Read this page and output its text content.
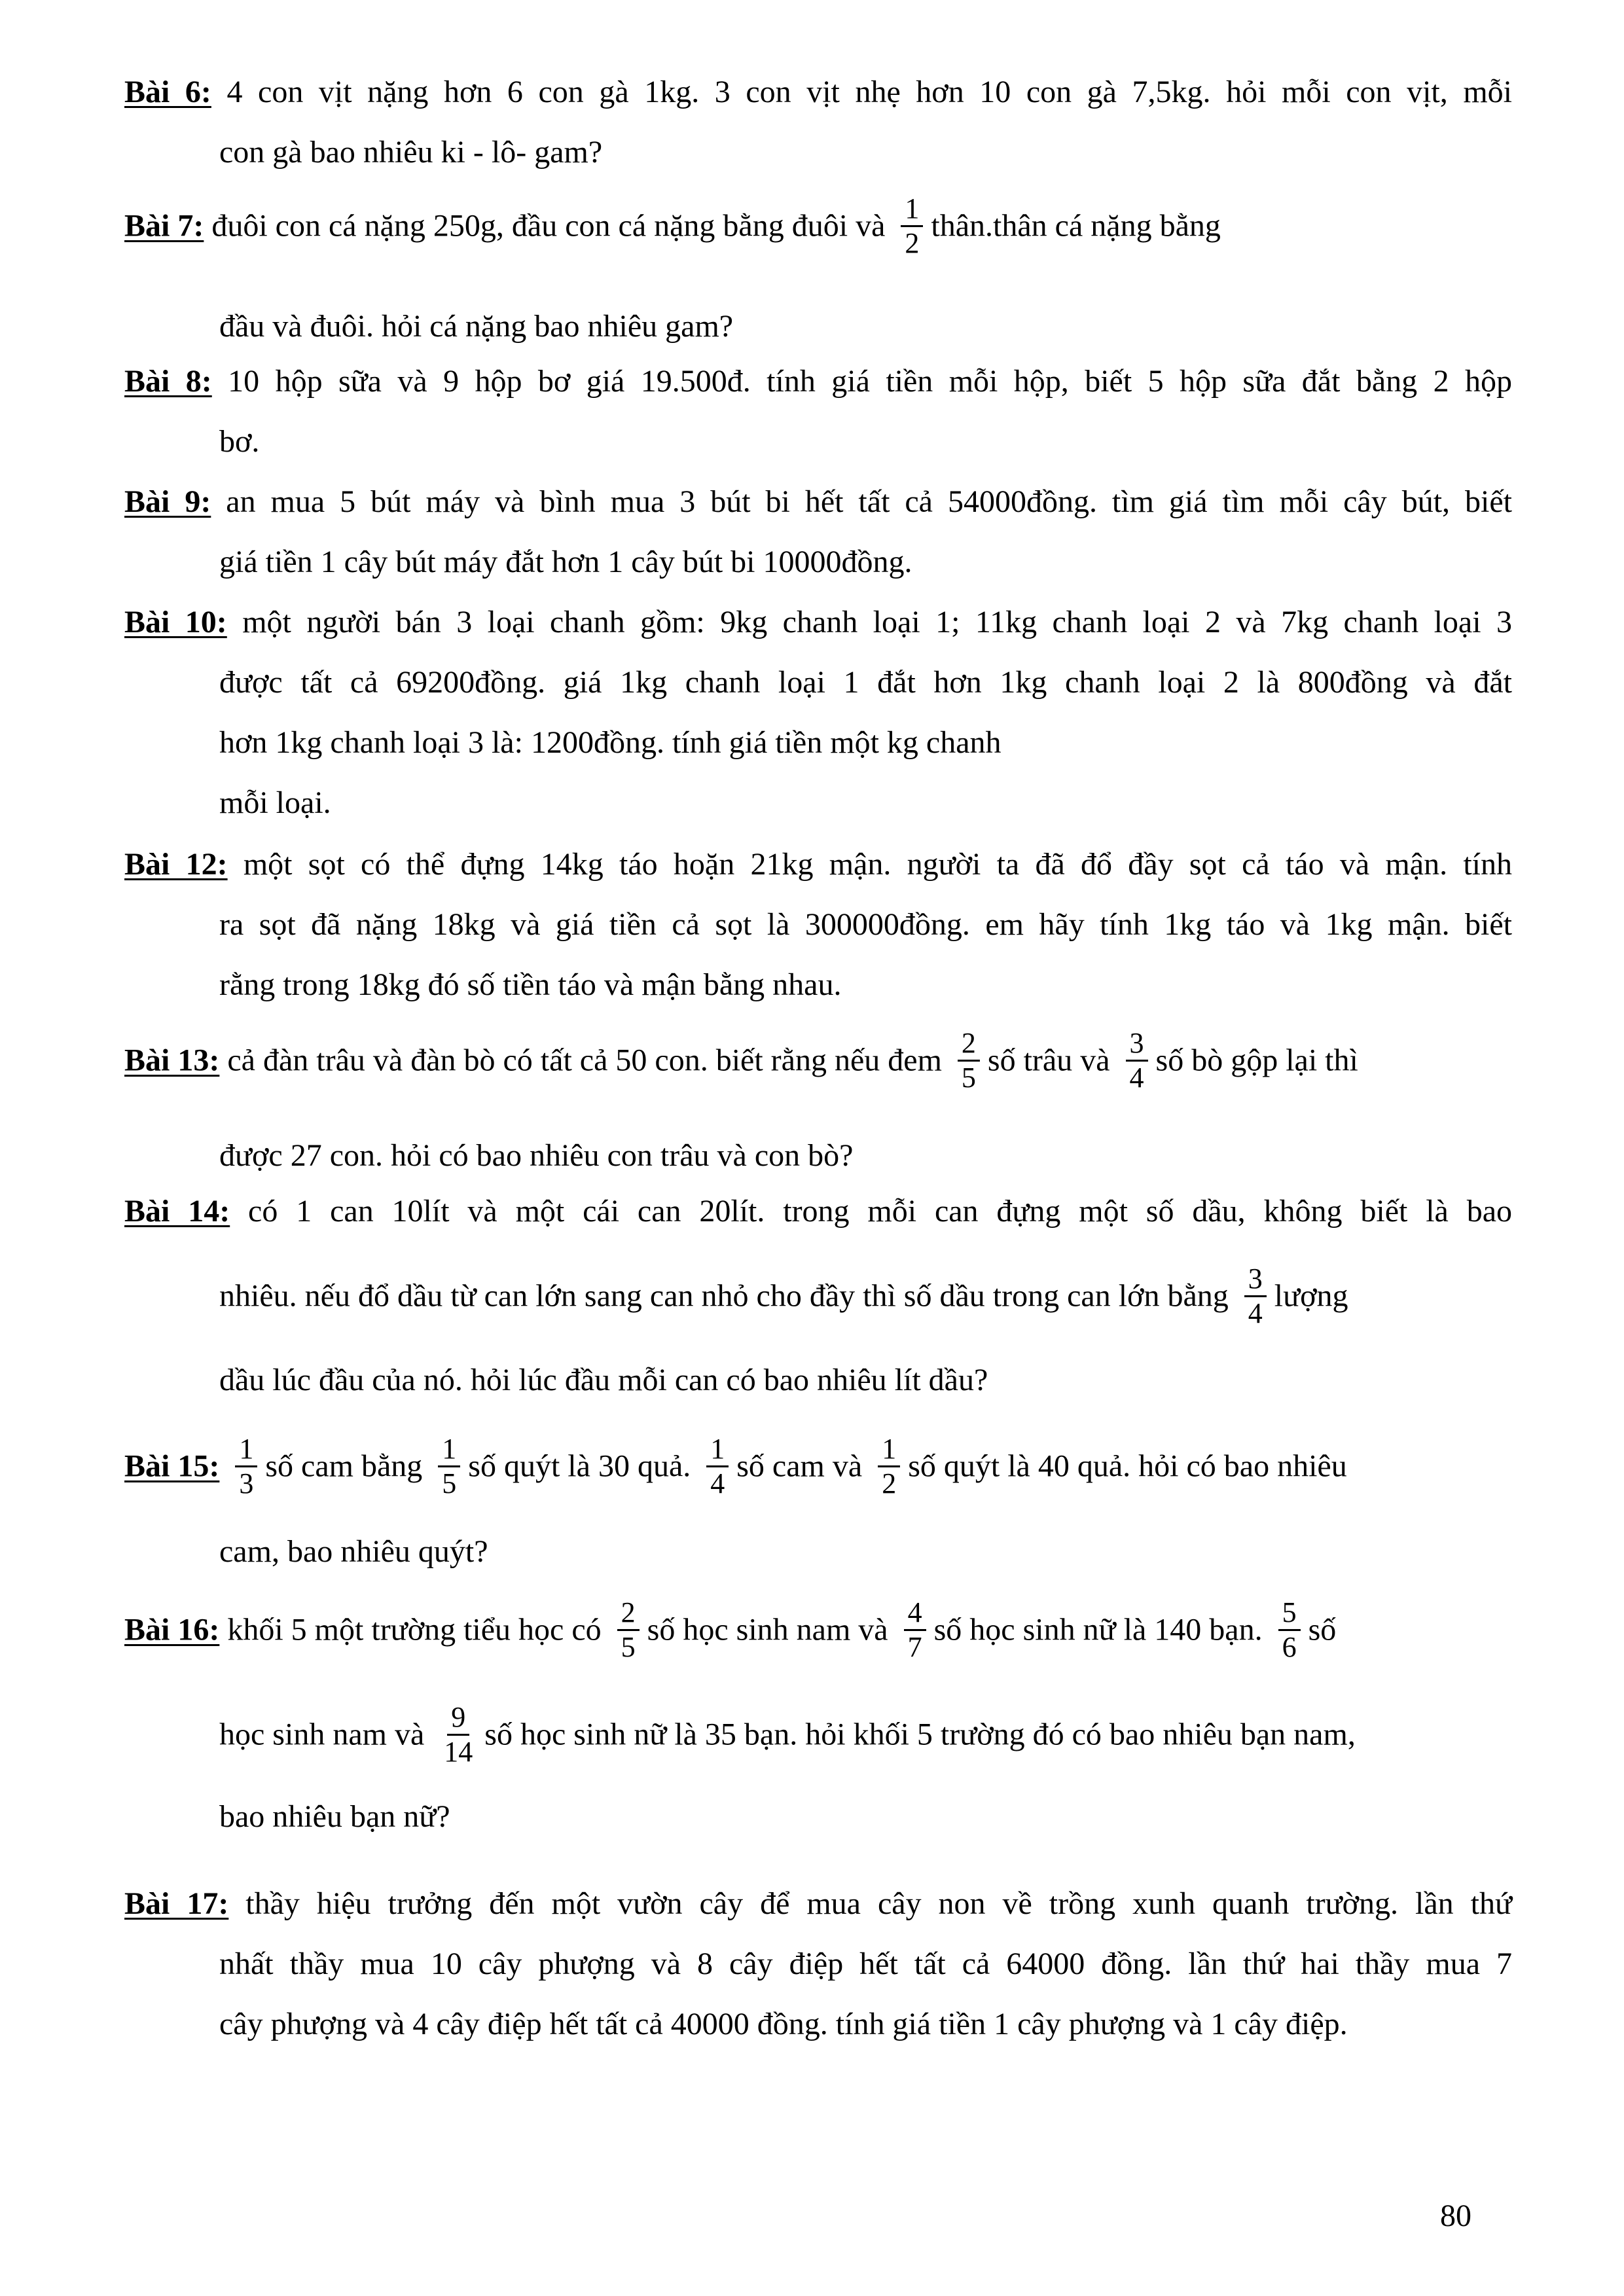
Bài 6: 4 con vịt nặng hơn 6 con gà 1kg. 3 con vịt nhẹ hơn 10 con gà 7,5kg. hỏi mỗi con vịt, mỗi
con gà bao nhiêu ki - lô- gam?
Bài 7: đuôi con cá nặng 250g, đầu con cá nặng bằng đuôi và $\frac{1}{2}$ thân.thân cá nặng bằng
đầu và đuôi. hỏi cá nặng bao nhiêu gam?
Bài 8: 10 hộp sữa và 9 hộp bơ giá 19.500đ. tính giá tiền mỗi hộp, biết 5 hộp sữa đắt bằng 2 hộp
bơ.
Bài 9: an mua 5 bút máy và bình mua 3 bút bi hết tất cả 54000đồng. tìm giá tìm mỗi cây bút, biết
giá tiền 1 cây bút máy đắt hơn 1 cây bút bi 10000đồng.
Bài 10: một người bán 3 loại chanh gồm: 9kg chanh loại 1; 11kg chanh loại 2 và 7kg chanh loại 3
được tất cả 69200đồng. giá 1kg chanh loại 1 đắt hơn 1kg chanh loại 2 là 800đồng và đắt
hơn 1kg chanh loại 3 là: 1200đồng. tính giá tiền một kg chanh
mỗi loại.
Bài 12: một sọt có thể đựng 14kg táo hoặn 21kg mận. người ta đã đổ đầy sọt cả táo và mận. tính
ra sọt đã nặng 18kg và giá tiền cả sọt là 300000đồng. em hãy tính 1kg táo và 1kg mận. biết
rằng trong 18kg đó số tiền táo và mận bằng nhau.
Bài 13: cả đàn trâu và đàn bò có tất cả 50 con. biết rằng nếu đem $\frac{2}{5}$ số trâu và $\frac{3}{4}$ số bò gộp lại thì
được 27 con. hỏi có bao nhiêu con trâu và con bò?
Bài 14: có 1 can 10lít và một cái can 20lít. trong mỗi can đựng một số dầu, không biết là bao
nhiêu. nếu đổ dầu từ can lớn sang can nhỏ cho đầy thì số dầu trong can lớn bằng $\frac{3}{4}$ lượng
dầu lúc đầu của nó. hỏi lúc đầu mỗi can có bao nhiêu lít dầu?
Bài 15: $\frac{1}{3}$ số cam bằng $\frac{1}{5}$ số quýt là 30 quả. $\frac{1}{4}$ số cam và $\frac{1}{2}$ số quýt là 40 quả. hỏi có bao nhiêu
cam, bao nhiêu quýt?
Bài 16: khối 5 một trường tiểu học có $\frac{2}{5}$ số học sinh nam và $\frac{4}{7}$ số học sinh nữ là 140 bạn. $\frac{5}{6}$ số
học sinh nam và $\frac{9}{14}$ số học sinh nữ là 35 bạn. hỏi khối 5 trường đó có bao nhiêu bạn nam,
bao nhiêu bạn nữ?
Bài 17: thầy hiệu trưởng đến một vườn cây để mua cây non về trồng xunh quanh trường. lần thứ
nhất thầy mua 10 cây phượng và 8 cây điệp hết tất cả 64000 đồng. lần thứ hai thầy mua 7
cây phượng và 4 cây điệp hết tất cả 40000 đồng. tính giá tiền 1 cây phượng và 1 cây điệp.
80
